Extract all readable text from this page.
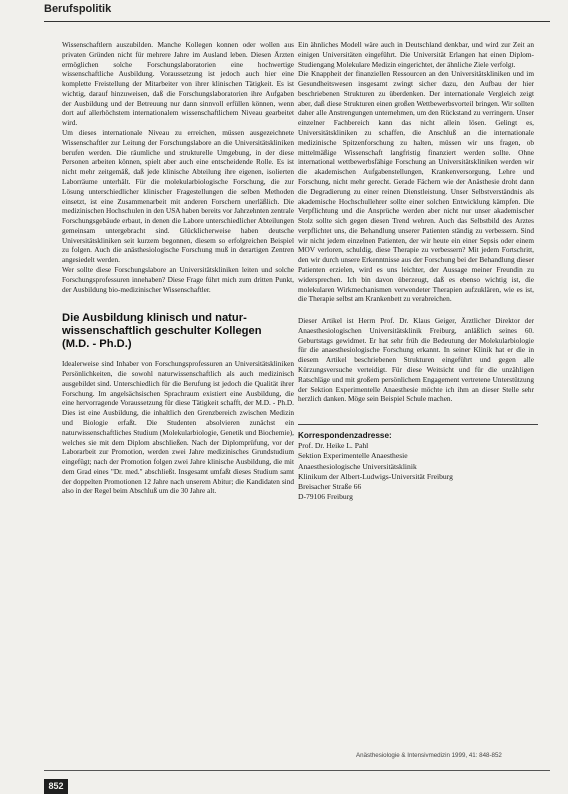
Berufspolitik

Wissenschaftlern auszubilden. Manche Kollegen konnen oder wollen aus privaten Gründen nicht für mehrere Jahre im Ausland leben. Diesen Ärzten ermöglichen solche Forschungslaboratorien eine hochwertige wissenschaftliche Ausbildung. Voraussetzung ist jedoch auch hier eine komplette Freistellung der Mitarbeiter von ihrer klinischen Tätigkeit. Es ist wichtig, darauf hinzuweisen, daß die Forschungslaboratorien ihre Aufgaben der Ausbildung und der Betreuung nur dann sinnvoll erfüllen können, wenn dort auf allerhöchstem internationalem wissenschaftlichem Niveau gearbeitet wird.

Um dieses internationale Niveau zu erreichen, müssen ausgezeichnete Wissenschaftler zur Leitung der Forschungslabore an die Universitätskliniken berufen werden. Die räumliche und strukturelle Umgebung, in der diese Personen arbeiten können, spielt aber auch eine entscheidende Rolle. Es ist nicht mehr zeitgemäß, daß jede klinische Abteilung ihre eigenen, isolierten Laborräume unterhält. Für die molekularbiologische Forschung, die zur Lösung unterschiedlicher klinischer Fragestellungen die selben Methoden einsetzt, ist eine Zusammenarbeit mit anderen Forschern unerläßlich. Die medizinischen Hochschulen in den USA haben bereits vor Jahrzehnten zentrale Forschungsgebäude erbaut, in denen die Labore unterschiedlicher Abteilungen gemeinsam untergebracht sind. Glücklicherweise haben deutsche Universitätskliniken seit kurzem begonnen, diesem so erfolgreichen Beispiel zu folgen. Auch die anästhesiologische Forschung muß in derartigen Zentren angesiedelt werden.

Wer sollte diese Forschungslabore an Universitätskliniken leiten und solche Forschungsprofessuren innehaben? Diese Frage führt mich zum dritten Punkt, der Ausbildung bio-medizinischer Wissenschaftler.

Die Ausbildung klinisch und natur-
wissenschaftlich geschulter Kollegen
(M.D. - Ph.D.)

Idealerweise sind Inhaber von Forschungsprofessuren an Universitätskliniken Persönlichkeiten, die sowohl naturwissenschaftlich als auch medizinisch ausgebildet sind. Unterschiedlich für die Berufung ist jedoch die Qualität ihrer Forschung. Im angelsächsischen Sprachraum existiert eine Ausbildung, die eine hervorragende Voraussetzung für diese Tätigkeit schafft, der M.D. - Ph.D. Dies ist eine Ausbildung, die inhaltlich den Grenzbereich zwischen Medizin und Biologie erfaßt. Die Studenten absolvieren zunächst ein naturwissenschaftliches Studium (Molekularbiologie, Genetik und Biochemie), welches sie mit dem Diplom abschließen. Nach der Diplomprüfung, vor der Laborarbeit zur Promotion, werden zwei Jahre medizinisches Grundstudium eingefügt; nach der Promotion folgen zwei Jahre klinische Ausbildung, die mit dem Grad eines "Dr. med." abschließt. Insgesamt umfaßt dieses Studium samt der doppelten Promotionen 12 Jahre nach unserem Abitur; die Kandidaten sind also in der Regel beim Abschluß um die 30 Jahre alt.

Ein ähnliches Modell wäre auch in Deutschland denkbar, und wird zur Zeit an einigen Universitäten eingeführt. Die Universität Erlangen hat einen Diplom-Studiengang Molekulare Medizin eingerichtet, der ähnliche Ziele verfolgt.

Die Knappheit der finanziellen Ressourcen an den Universitätskliniken und im Gesundheitswesen insgesamt zwingt sicher dazu, den Aufbau der hier beschriebenen Strukturen zu überdenken. Der internationale Vergleich zeigt aber, daß diese Strukturen einen großen Wettbewerbsvorteil bringen. Wir sollten daher alle Anstrengungen unternehmen, um den Rückstand zu verringern. Unser einzelner Fachbereich kann das nicht allein lösen. Gelingt es, Universitätskliniken zu schaffen, die Anschluß an die internationale medizinische Spitzenforschung zu halten, müssen wir uns fragen, ob mittelmäßige Wissenschaft langfristig finanziert werden sollte. Ohne international wettbewerbsfähige Forschung an Universitätskliniken werden wir die akademischen Aufgabenstellungen, Krankenversorgung, Lehre und Forschung, nicht mehr gerecht. Gerade Fächern wie der Anästhesie droht dann die Degradierung zu einer reinen Dienstleistung. Unser Selbstverständnis als akademische Hochschullehrer sollte einer solchen Entwicklung kämpfen. Die Verpflichtung und die Ansprüche werden aber nicht nur unser akademischer Stolz sollte sich gegen diesen Trend wehren. Auch das Selbstbild des Arztes verpflichtet uns, die Behandlung unserer Patienten ständig zu verbessern. Sind wir nicht jedem einzelnen Patienten, der wir heute ein einer Sepsis oder einem MOV verloren, schuldig, diese Therapie zu verbessern? Mit jedem Fortschritt, den wir durch unsere Erkenntnisse aus der Forschung bei der Behandlung dieser Patienten erzielen, wird es uns leichter, der Aussage meiner Freundin zu widersprechen. Ich bin davon überzeugt, daß es ebenso wichtig ist, die molekularen Wirkmechanismen verwendeter Therapien aufzuklären, wie es ist, die Therapie selbst am Krankenbett zu verabreichen.

Dieser Artikel ist Herrn Prof. Dr. Klaus Geiger, Ärztlicher Direktor der Anaesthesiologischen Universitätsklinik Freiburg, anläßlich seines 60. Geburtstags gewidmet. Er hat sehr früh die Bedeutung der Molekularbiologie für die anaesthesiologische Forschung erkannt. In seiner Klinik hat er die in diesem Artikel beschriebenen Strukturen eingeführt und gegen alle Kürzungsversuche verteidigt. Für diese Weitsicht und für die unzähligen Ratschläge und mit großem persönlichem Engagement vertretene Unterstützung der Sektion Experimentelle Anaesthesie möchte ich ihm an dieser Stelle sehr herzlich danken. Möge sein Beispiel Schule machen.

Korrespondenzadresse:
Prof. Dr. Heike L. Pahl
Sektion Experimentelle Anaesthesie
Anaesthesiologische Universitätsklinik
Klinikum der Albert-Ludwigs-Universität Freiburg
Breisacher Straße 66
D-79106 Freiburg
Anästhesiologie & Intensivmedizin 1999, 41: 848-852
852
